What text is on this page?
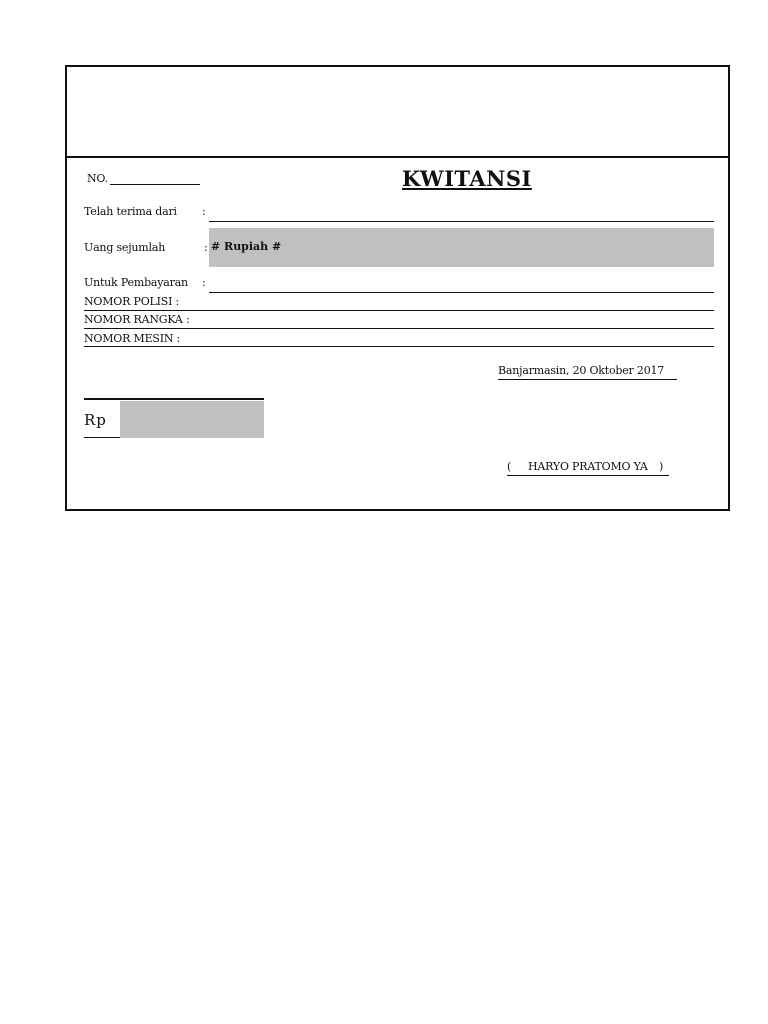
NO.	KWITANSI
Telah terima dari :
Uang sejumlah	: # Rupiah #
Untuk Pembayaran :
NOMOR POLISI :
NOMOR RANGKA :
NOMOR MESIN :
Banjarmasin, 20 Oktober 2017
Rp
( HARYO PRATOMO YA )
